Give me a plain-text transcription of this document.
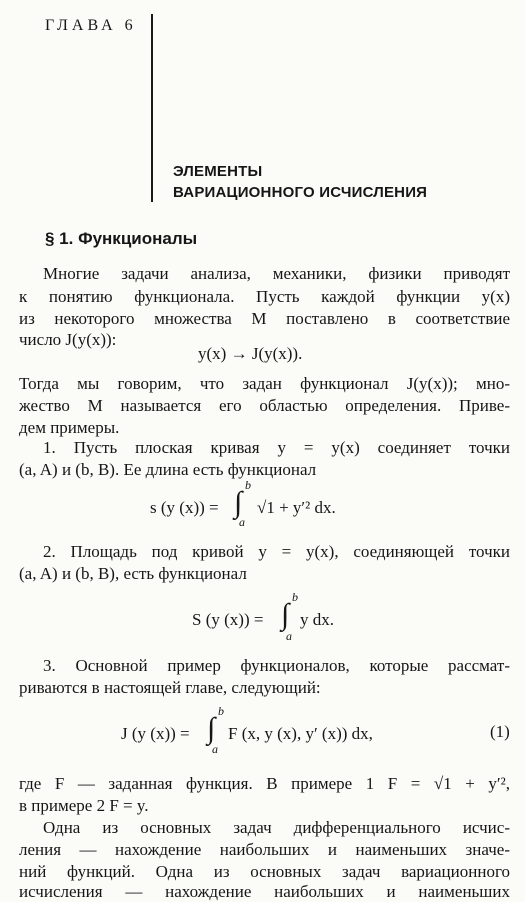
ГЛАВА 6
ЭЛЕМЕНТЫ
ВАРИАЦИОННОГО ИСЧИСЛЕНИЯ
§ 1. Функционалы
Многие задачи анализа, механики, физики приводят
к понятию функционала. Пусть каждой функции y(x)
из некоторого множества M поставлено в соответствие
число J(y(x)):
y(x) → J(y(x)).
Тогда мы говорим, что задан функционал J(y(x)); мно-
жество M называется его областью определения. Приве-
дем примеры.
1. Пусть плоская кривая y = y(x) соединяет точки
(a, A) и (b, B). Ее длина есть функционал
s (y (x)) =
b
∫
a
√1 + y′² dx.
2. Площадь под кривой y = y(x), соединяющей точки
(a, A) и (b, B), есть функционал
S (y (x)) =
b
∫
a
y dx.
3. Основной пример функционалов, которые рассмат-
риваются в настоящей главе, следующий:
J (y (x)) =
b
∫
a
F (x, y (x), y′ (x)) dx,	(1)
где F — заданная функция. В примере 1 F = √1 + y′²,
в примере 2 F = y.
Одна из основных задач дифференциального исчис-
ления — нахождение наибольших и наименьших значе-
ний функций. Одна из основных задач вариационного
исчисления — нахождение наибольших и наименьших
